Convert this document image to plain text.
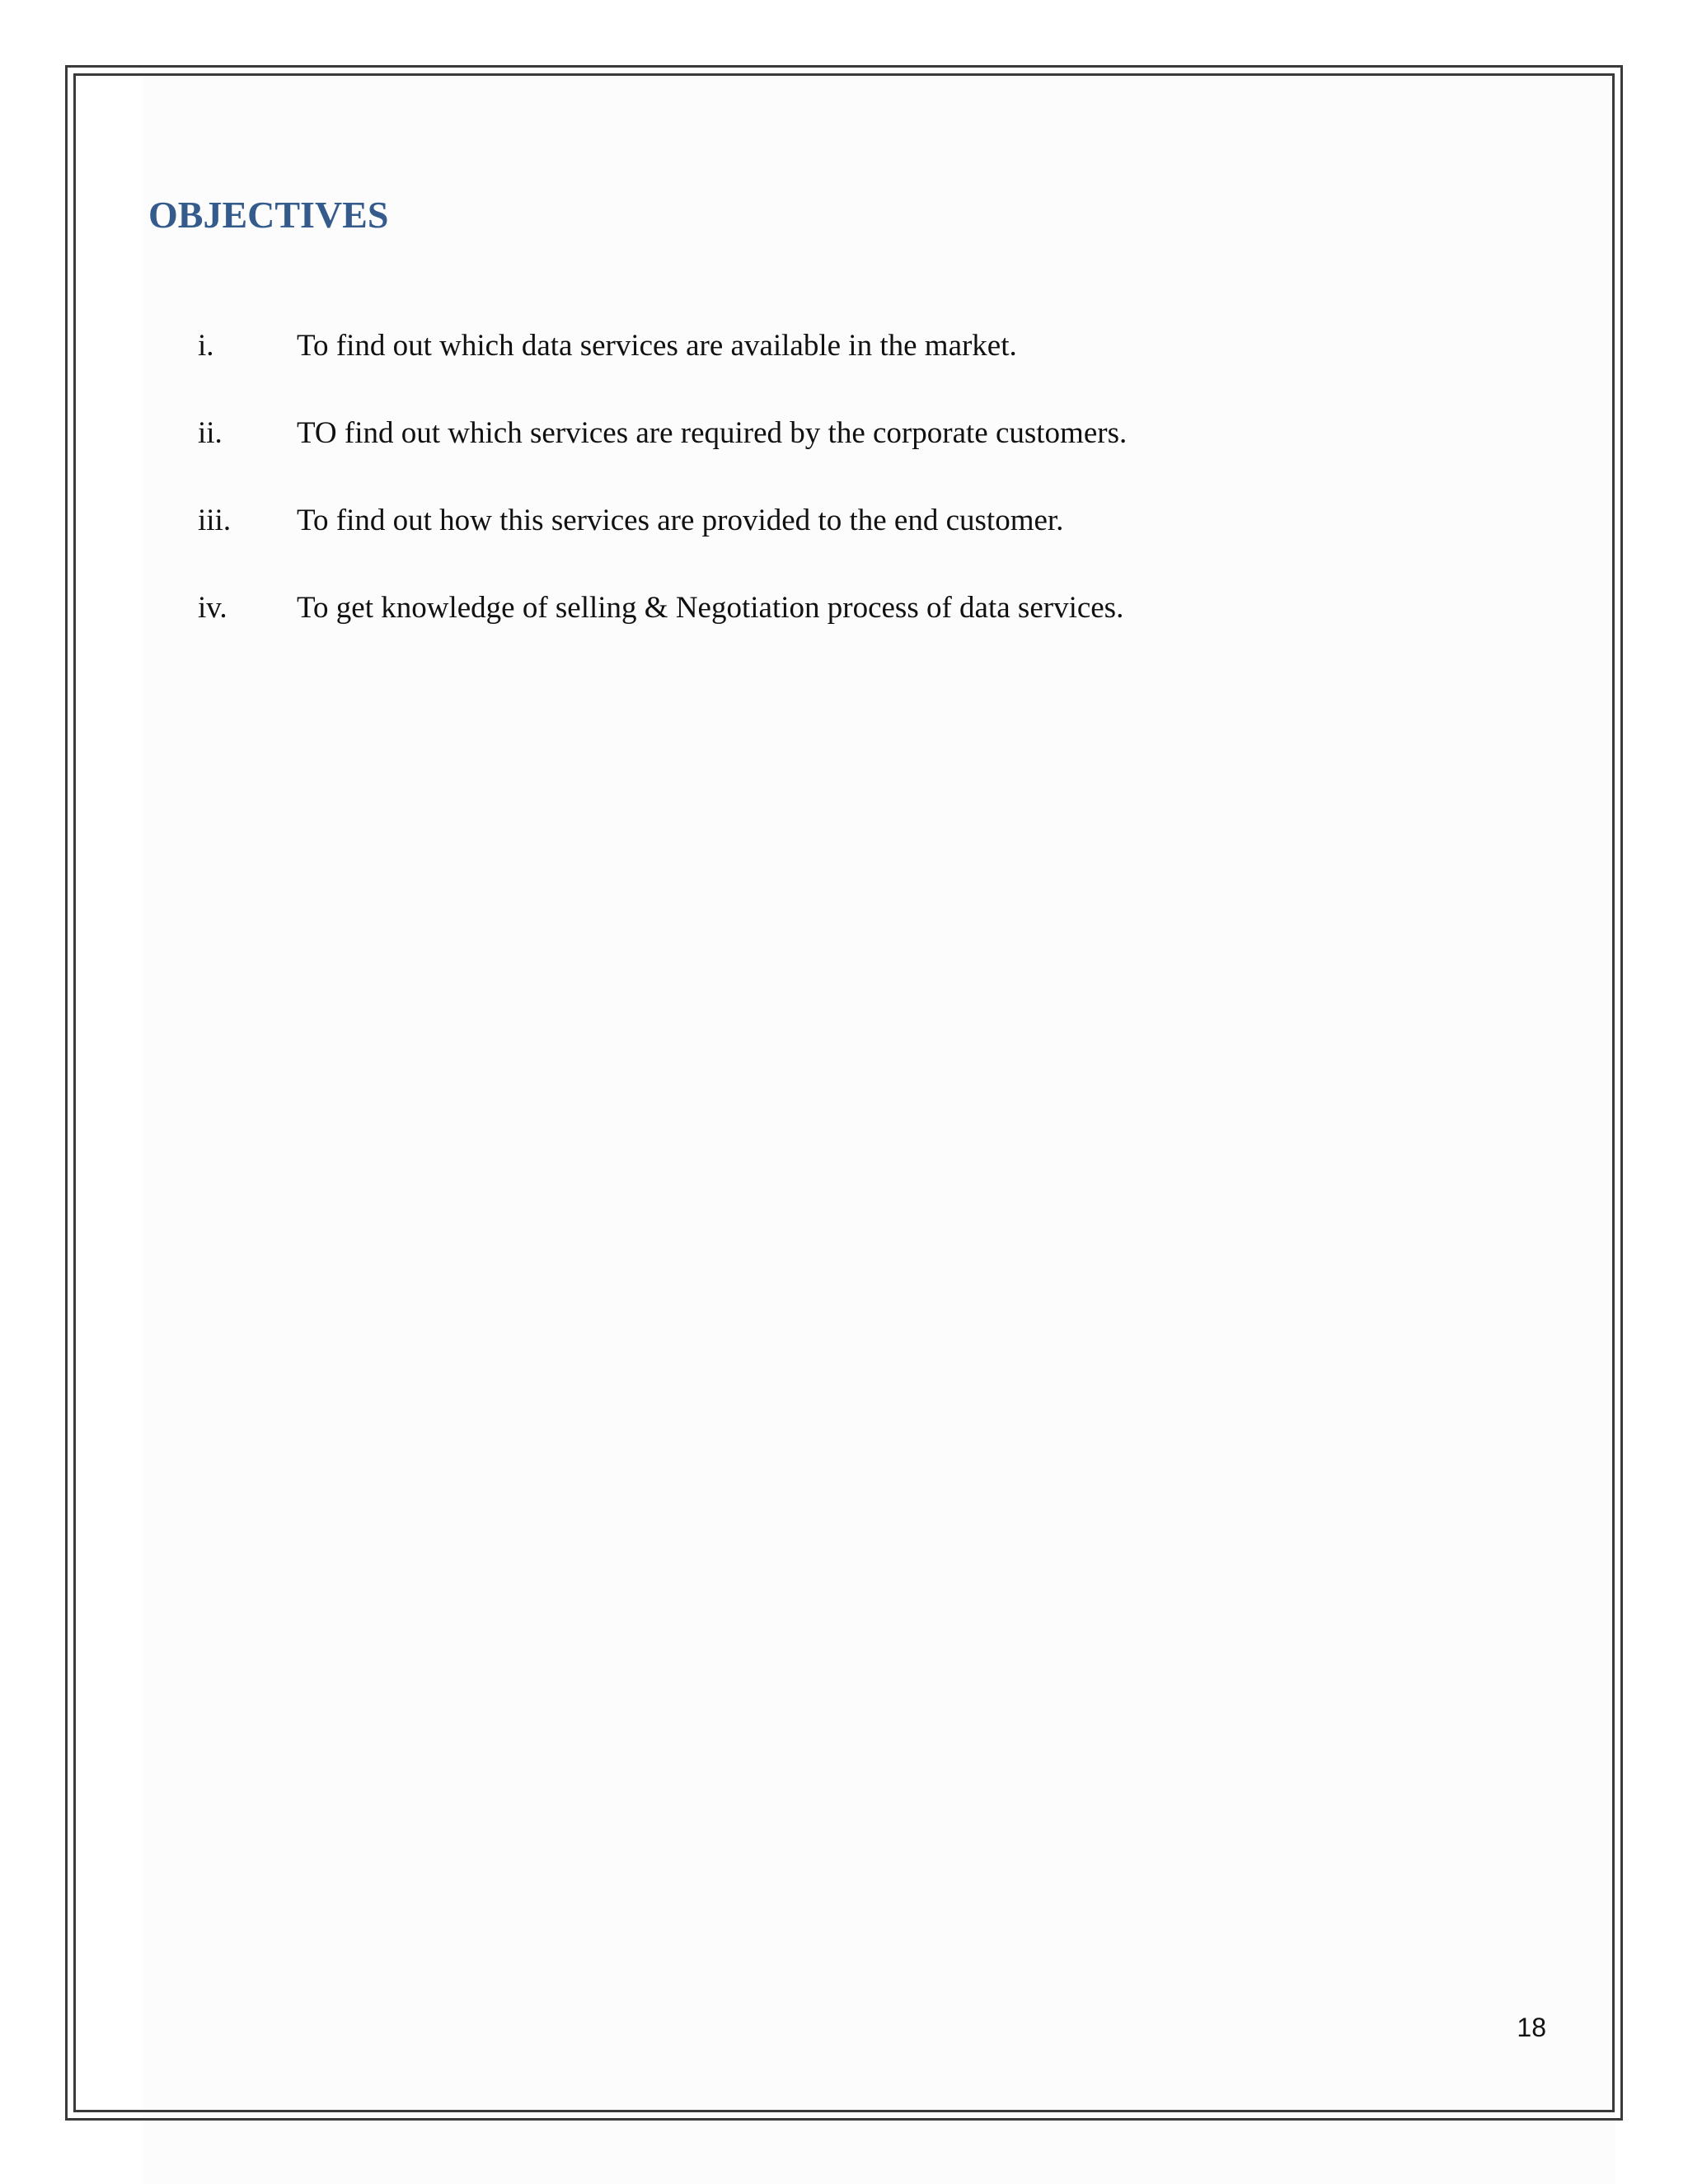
OBJECTIVES
i.	To find out which data services are available in the market.
ii.	TO find out which services are required by the corporate customers.
iii.	To find out how this services are provided to the end customer.
iv.	To get knowledge of selling & Negotiation process of data services.
18
